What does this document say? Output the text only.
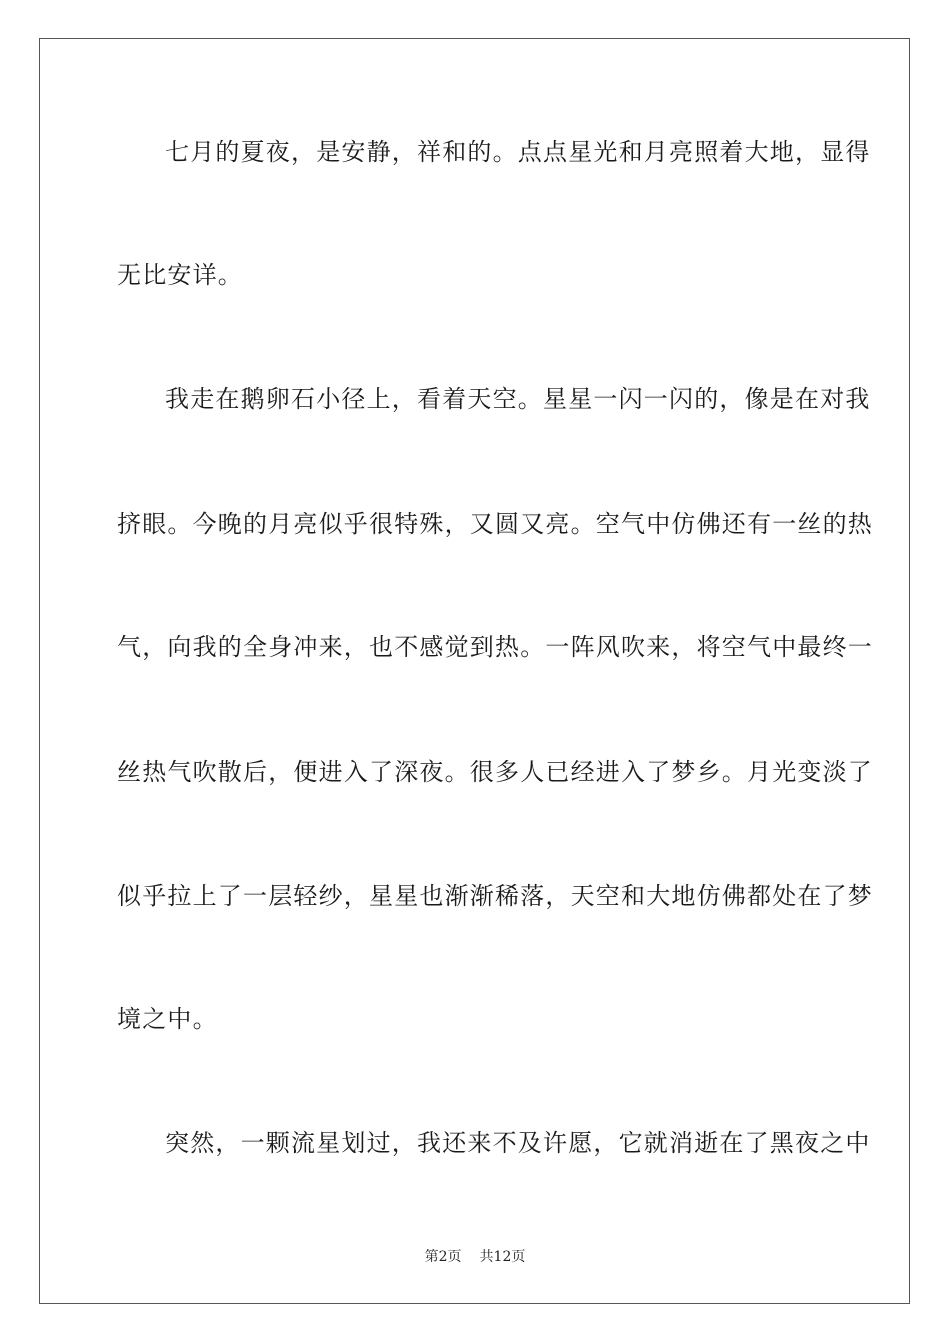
七月的夏夜，是安静，祥和的。点点星光和月亮照着大地，显得
无比安详。
我走在鹅卵石小径上，看着天空。星星一闪一闪的，像是在对我
挤眼。今晚的月亮似乎很特殊，又圆又亮。空气中仿佛还有一丝的热
气，向我的全身冲来，也不感觉到热。一阵风吹来，将空气中最终一
丝热气吹散后，便进入了深夜。很多人已经进入了梦乡。月光变淡了
似乎拉上了一层轻纱，星星也渐渐稀落，天空和大地仿佛都处在了梦
境之中。
突然，一颗流星划过，我还来不及许愿，它就消逝在了黑夜之中
第2页 共12页
